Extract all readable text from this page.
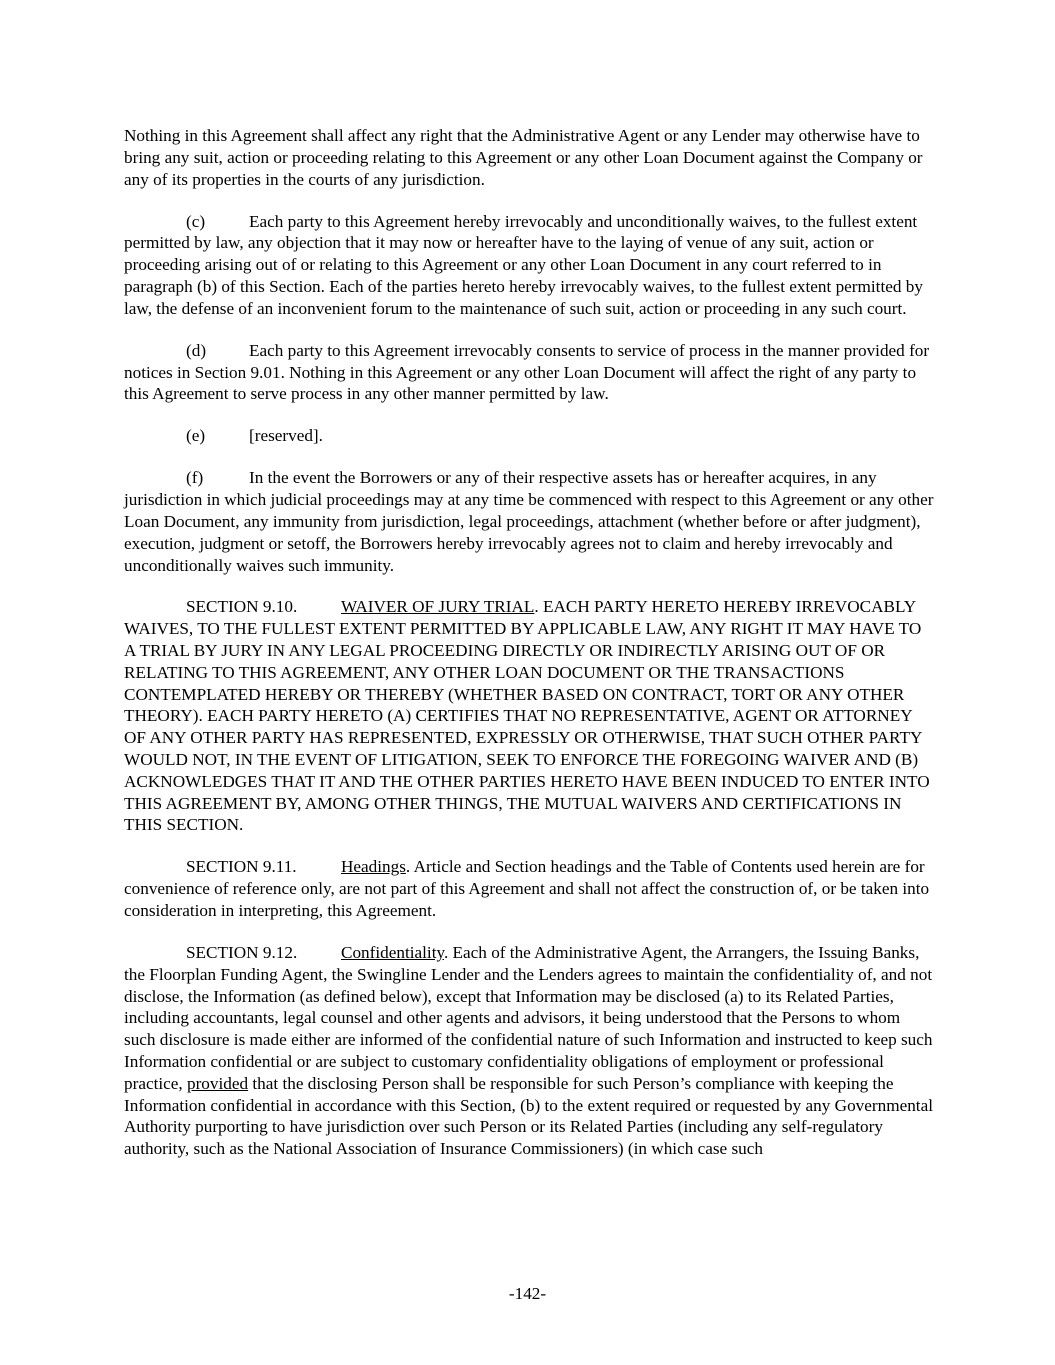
Nothing in this Agreement shall affect any right that the Administrative Agent or any Lender may otherwise have to bring any suit, action or proceeding relating to this Agreement or any other Loan Document against the Company or any of its properties in the courts of any jurisdiction.

(c)	Each party to this Agreement hereby irrevocably and unconditionally waives, to the fullest extent permitted by law, any objection that it may now or hereafter have to the laying of venue of any suit, action or proceeding arising out of or relating to this Agreement or any other Loan Document in any court referred to in paragraph (b) of this Section. Each of the parties hereto hereby irrevocably waives, to the fullest extent permitted by law, the defense of an inconvenient forum to the maintenance of such suit, action or proceeding in any such court.

(d) Each party to this Agreement irrevocably consents to service of process in the manner provided for notices in Section 9.01. Nothing in this Agreement or any other Loan Document will affect the right of any party to this Agreement to serve process in any other manner permitted by law.

(e)	[reserved].

(f)	In the event the Borrowers or any of their respective assets has or hereafter acquires, in any jurisdiction in which judicial proceedings may at any time be commenced with respect to this Agreement or any other Loan Document, any immunity from jurisdiction, legal proceedings, attachment (whether before or after judgment), execution, judgment or setoff, the Borrowers hereby irrevocably agrees not to claim and hereby irrevocably and unconditionally waives such immunity.

SECTION 9.10.	WAIVER OF JURY TRIAL. EACH PARTY HERETO HEREBY IRREVOCABLY WAIVES, TO THE FULLEST EXTENT PERMITTED BY APPLICABLE LAW, ANY RIGHT IT MAY HAVE TO A TRIAL BY JURY IN ANY LEGAL PROCEEDING DIRECTLY OR INDIRECTLY ARISING OUT OF OR RELATING TO THIS AGREEMENT, ANY OTHER LOAN DOCUMENT OR THE TRANSACTIONS CONTEMPLATED HEREBY OR THEREBY (WHETHER BASED ON CONTRACT, TORT OR ANY OTHER THEORY). EACH PARTY HERETO (A) CERTIFIES THAT NO REPRESENTATIVE, AGENT OR ATTORNEY OF ANY OTHER PARTY HAS REPRESENTED, EXPRESSLY OR OTHERWISE, THAT SUCH OTHER PARTY WOULD NOT, IN THE EVENT OF LITIGATION, SEEK TO ENFORCE THE FOREGOING WAIVER AND (B) ACKNOWLEDGES THAT IT AND THE OTHER PARTIES HERETO HAVE BEEN INDUCED TO ENTER INTO THIS AGREEMENT BY, AMONG OTHER THINGS, THE MUTUAL WAIVERS AND CERTIFICATIONS IN THIS SECTION.

SECTION 9.11.	Headings. Article and Section headings and the Table of Contents used herein are for convenience of reference only, are not part of this Agreement and shall not affect the construction of, or be taken into consideration in interpreting, this Agreement.

SECTION 9.12.	Confidentiality. Each of the Administrative Agent, the Arrangers, the Issuing Banks, the Floorplan Funding Agent, the Swingline Lender and the Lenders agrees to maintain the confidentiality of, and not disclose, the Information (as defined below), except that Information may be disclosed (a) to its Related Parties, including accountants, legal counsel and other agents and advisors, it being understood that the Persons to whom such disclosure is made either are informed of the confidential nature of such Information and instructed to keep such Information confidential or are subject to customary confidentiality obligations of employment or professional practice, provided that the disclosing Person shall be responsible for such Person’s compliance with keeping the Information confidential in accordance with this Section, (b) to the extent required or requested by any Governmental Authority purporting to have jurisdiction over such Person or its Related Parties (including any self-regulatory authority, such as the National Association of Insurance Commissioners) (in which case such

-142-
